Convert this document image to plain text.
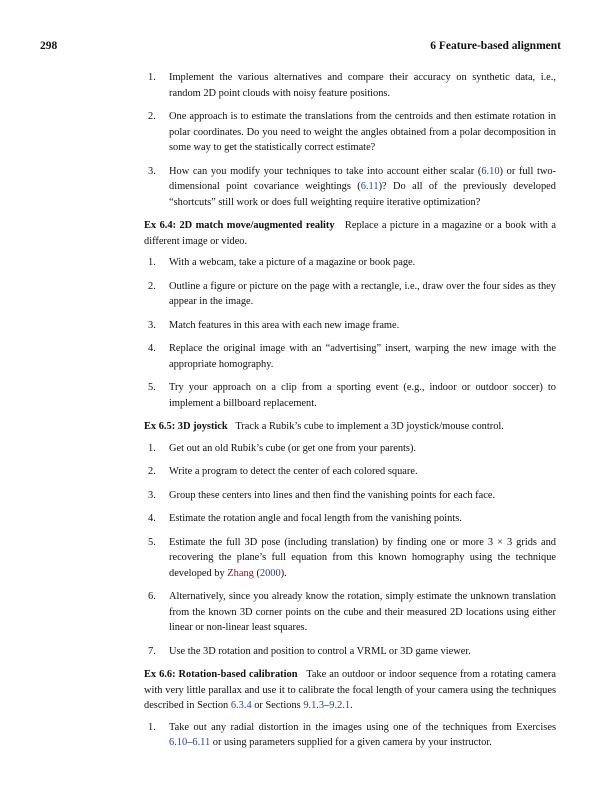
298	6 Feature-based alignment
1. Implement the various alternatives and compare their accuracy on synthetic data, i.e., random 2D point clouds with noisy feature positions.
2. One approach is to estimate the translations from the centroids and then estimate rotation in polar coordinates. Do you need to weight the angles obtained from a polar decomposition in some way to get the statistically correct estimate?
3. How can you modify your techniques to take into account either scalar (6.10) or full two-dimensional point covariance weightings (6.11)? Do all of the previously developed “shortcuts” still work or does full weighting require iterative optimization?

Ex 6.4: 2D match move/augmented reality Replace a picture in a magazine or a book with a different image or video.

1. With a webcam, take a picture of a magazine or book page.
2. Outline a figure or picture on the page with a rectangle, i.e., draw over the four sides as they appear in the image.
3. Match features in this area with each new image frame.
4. Replace the original image with an “advertising” insert, warping the new image with the appropriate homography.
5. Try your approach on a clip from a sporting event (e.g., indoor or outdoor soccer) to implement a billboard replacement.

Ex 6.5: 3D joystick Track a Rubik’s cube to implement a 3D joystick/mouse control.

1. Get out an old Rubik’s cube (or get one from your parents).
2. Write a program to detect the center of each colored square.
3. Group these centers into lines and then find the vanishing points for each face.
4. Estimate the rotation angle and focal length from the vanishing points.
5. Estimate the full 3D pose (including translation) by finding one or more 3 × 3 grids and recovering the plane’s full equation from this known homography using the technique developed by Zhang (2000).
6. Alternatively, since you already know the rotation, simply estimate the unknown translation from the known 3D corner points on the cube and their measured 2D locations using either linear or non-linear least squares.
7. Use the 3D rotation and position to control a VRML or 3D game viewer.

Ex 6.6: Rotation-based calibration Take an outdoor or indoor sequence from a rotating camera with very little parallax and use it to calibrate the focal length of your camera using the techniques described in Section 6.3.4 or Sections 9.1.3–9.2.1.

1. Take out any radial distortion in the images using one of the techniques from Exercises 6.10–6.11 or using parameters supplied for a given camera by your instructor.
